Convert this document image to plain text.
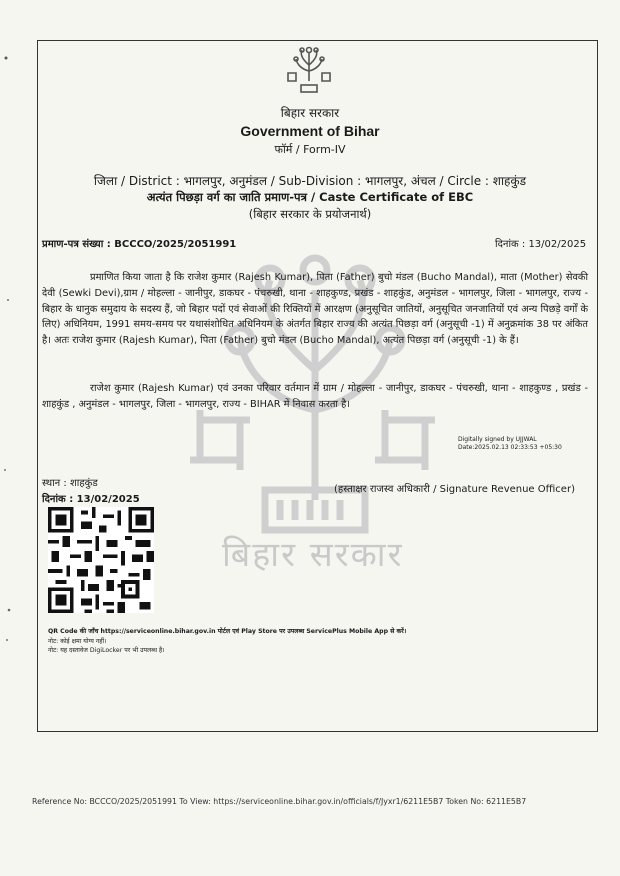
बिहार सरकार
बिहार सरकार
Government of Bihar
फॉर्म / Form-IV
जिला / District : भागलपुर, अनुमंडल / Sub-Division : भागलपुर, अंचल / Circle : शाहकुंड
अत्यंत पिछड़ा वर्ग का जाति प्रमाण-पत्र / Caste Certificate of EBC
(बिहार सरकार के प्रयोजनार्थ)
प्रमाण-पत्र संख्या : BCCCO/2025/2051991	दिनांक : 13/02/2025
प्रमाणित किया जाता है कि राजेश कुमार (Rajesh Kumar), पिता (Father) बुचो मंडल (Bucho Mandal), माता (Mother) सेवकी देवी (Sewki Devi),ग्राम / मोहल्ला - जानीपुर, डाकघर - पंचरुखी, थाना - शाहकुण्ड, प्रखंड - शाहकुंड, अनुमंडल - भागलपुर, जिला - भागलपुर, राज्य - बिहार के धानुक समुदाय के सदस्य हैं, जो बिहार पदों एवं सेवाओं की रिक्तियों में आरक्षण (अनुसूचित जातियों, अनुसूचित जनजातियों एवं अन्य पिछड़े वर्गों के लिए) अधिनियम, 1991 समय-समय पर यथासंशोधित अधिनियम के अंतर्गत बिहार राज्य की अत्यंत पिछड़ा वर्ग (अनुसूची -1) में अनुक्रमांक 38 पर अंकित है। अतः राजेश कुमार (Rajesh Kumar), पिता (Father) बुचो मंडल (Bucho Mandal), अत्यंत पिछड़ा वर्ग (अनुसूची -1) के हैं।
राजेश कुमार (Rajesh Kumar) एवं उनका परिवार वर्तमान में ग्राम / मोहल्ला - जानीपुर, डाकघर - पंचरुखी, थाना - शाहकुण्ड , प्रखंड - शाहकुंड , अनुमंडल - भागलपुर, जिला - भागलपुर, राज्य - BIHAR में निवास करता है।
Digitally signed by UJJWAL
Date:2025.02.13 02:33:53 +05:30
स्थान : शाहकुंड
दिनांक : 13/02/2025
(हस्ताक्षर राजस्व अधिकारी / Signature Revenue Officer)
QR Code की जाँच https://serviceonline.bihar.gov.in पोर्टल एवं Play Store पर उपलब्ध ServicePlus Mobile App से करें।
नोट: कोई क्षमा योग्य नहीं।
नोट: यह दस्तावेज DigiLocker पर भी उपलब्ध है।
Reference No: BCCCO/2025/2051991 To View: https://serviceonline.bihar.gov.in/officials/f/Jyxr1/6211E5B7 Token No: 6211E5B7
